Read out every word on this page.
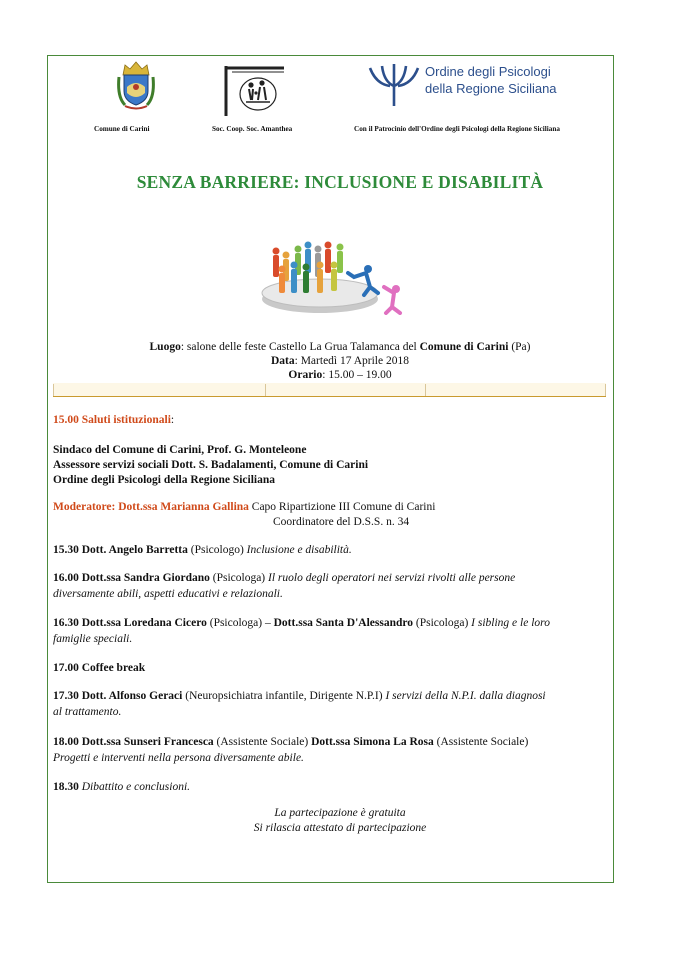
Comune di Carini	Soc. Coop. Soc. Amanthea
Ordine degli Psicologi
della Regione Siciliana
Con il Patrocinio dell'Ordine degli Psicologi della Regione Siciliana
SENZA BARRIERE: INCLUSIONE E DISABILITÀ
Luogo: salone delle feste Castello La Grua Talamanca del Comune di Carini (Pa)
Data: Martedì 17 Aprile 2018
Orario: 15.00 – 19.00
15.00 Saluti istituzionali:
Sindaco del Comune di Carini, Prof. G. Monteleone
Assessore servizi sociali Dott. S. Badalamenti, Comune di Carini
Ordine degli Psicologi della Regione Siciliana
Moderatore: Dott.ssa Marianna Gallina Capo Ripartizione III Comune di Carini
Coordinatore del D.S.S. n. 34
15.30 Dott. Angelo Barretta (Psicologo) Inclusione e disabilità.
16.00 Dott.ssa Sandra Giordano (Psicologa) Il ruolo degli operatori nei servizi rivolti alle persone
diversamente abili, aspetti educativi e relazionali.
16.30 Dott.ssa Loredana Cicero (Psicologa) – Dott.ssa Santa D'Alessandro (Psicologa) I sibling e le loro
famiglie speciali.
17.00 Coffee break
17.30 Dott. Alfonso Geraci (Neuropsichiatra infantile, Dirigente N.P.I) I servizi della N.P.I. dalla diagnosi
al trattamento.
18.00 Dott.ssa Sunseri Francesca (Assistente Sociale) Dott.ssa Simona La Rosa (Assistente Sociale)
Progetti e interventi nella persona diversamente abile.
18.30 Dibattito e conclusioni.
La partecipazione è gratuita
Si rilascia attestato di partecipazione
